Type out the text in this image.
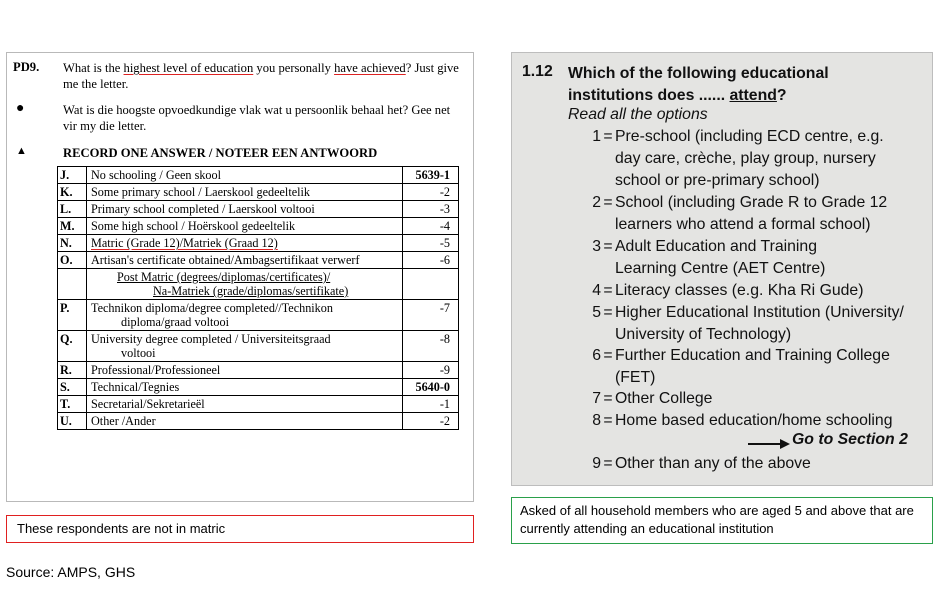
PD9. What is the highest level of education you personally have achieved? Just give me the letter.
●	Wat is die hoogste opvoedkundige vlak wat u persoonlik behaal het? Gee net vir my die letter.
▲	RECORD ONE ANSWER / NOTEER EEN ANTWOORD
J.	No schooling / Geen skool	5639-1
K.	Some primary school / Laerskool gedeeltelik	-2
L.	Primary school completed / Laerskool voltooi	-3
M.	Some high school / Hoërskool gedeeltelik	-4
N.	Matric (Grade 12)/Matriek (Graad 12)	-5
O.	Artisan's certificate obtained/Ambagsertifikaat verwerf	-6

	Post Matric (degrees/diplomas/certificates)/
Na-Matriek (grade/diplomas/sertifikate)	

P.	Technikon diploma/degree completed//Technikon
diploma/graad voltooi	-7
Q.	University degree completed / Universiteitsgraad
voltooi	-8
R.	Professional/Professioneel	-9
S.	Technical/Tegnies	5640-0
T.	Secretarial/Sekretarieël	-1
U.	Other /Ander	-2
These respondents are not in matric
Source: AMPS, GHS
1.12 Which of the following educational institutions does ...... attend?
Read all the options
1 = Pre-school (including ECD centre, e.g.
day care, crèche, play group, nursery
school or pre-primary school)
2 = School (including Grade R to Grade 12
learners who attend a formal school)
3 = Adult Education and Training
Learning Centre (AET Centre)
4 = Literacy classes (e.g. Kha Ri Gude)
5 = Higher Educational Institution (University/
University of Technology)
6 = Further Education and Training College
(FET)
7 = Other College
8 = Home based education/home schooling
Go to Section 2
9 = Other than any of the above
Asked of all household members who are aged 5 and above that are currently attending an educational institution
